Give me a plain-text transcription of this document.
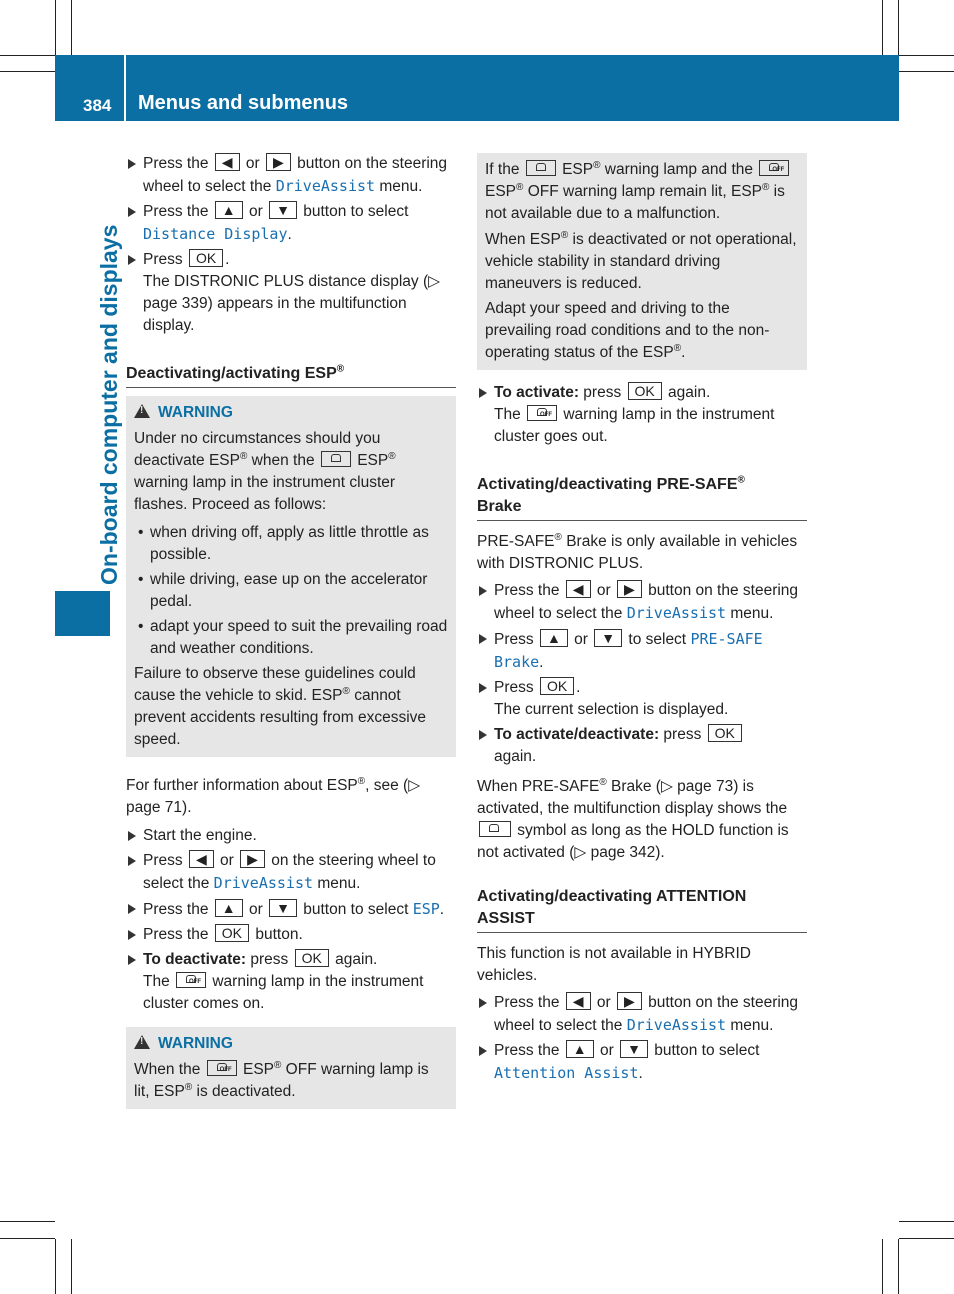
384 Menus and submenus
On-board computer and displays
Press the ◀ or ▶ button on the steering wheel to select the DriveAssist menu.
Press the ▲ or ▼ button to select Distance Display.
Press OK .

The DISTRONIC PLUS distance display (▷ page 339) appears in the multifunction display.

Deactivating/activating ESP®

!WARNING

Under no circumstances should you deactivate ESP® when the  ESP® warning lamp in the instrument cluster flashes. Proceed as follows:

• when driving off, apply as little throttle as possible.

• while driving, ease up on the accelerator pedal.

• adapt your speed to suit the prevailing road and weather conditions.

Failure to observe these guidelines could cause the vehicle to skid. ESP® cannot prevent accidents resulting from excessive speed.

For further information about ESP®, see (▷ page 71).

Start the engine.
Press ◀ or ▶ on the steering wheel to select the DriveAssist menu.
Press the ▲ or ▼ button to select ESP.
Press the OK button.
To deactivate: press OK again.

The OFF	warning lamp in the instrument cluster comes on.

!WARNING

When the OFF ESP® OFF warning lamp is lit, ESP® is deactivated.

If the  ESP® warning lamp and the OFF ESP® OFF warning lamp remain lit, ESP® is not available due to a malfunction.

When ESP® is deactivated or not operational, vehicle stability in standard driving maneuvers is reduced.

Adapt your speed and driving to the prevailing road conditions and to the non-operating status of the ESP®.

To activate: press OK again.

The OFF	warning lamp in the instrument cluster goes out.

Activating/deactivating PRE-SAFE®
Brake

PRE-SAFE® Brake is only available in vehicles with DISTRONIC PLUS.

Press the ◀ or ▶ button on the steering wheel to select the DriveAssist menu.
Press ▲ or ▼ to select PRE-SAFE Brake.
Press OK .

The current selection is displayed.

To activate/deactivate: press OK
again.

When PRE-SAFE® Brake (▷ page 73) is activated, the multifunction display shows the  symbol as long as the HOLD function is not activated (▷ page 342).

Activating/deactivating ATTENTION ASSIST

This function is not available in HYBRID vehicles.

Press the ◀ or ▶ button on the steering wheel to select the DriveAssist menu.
Press the ▲ or ▼ button to select Attention Assist.
